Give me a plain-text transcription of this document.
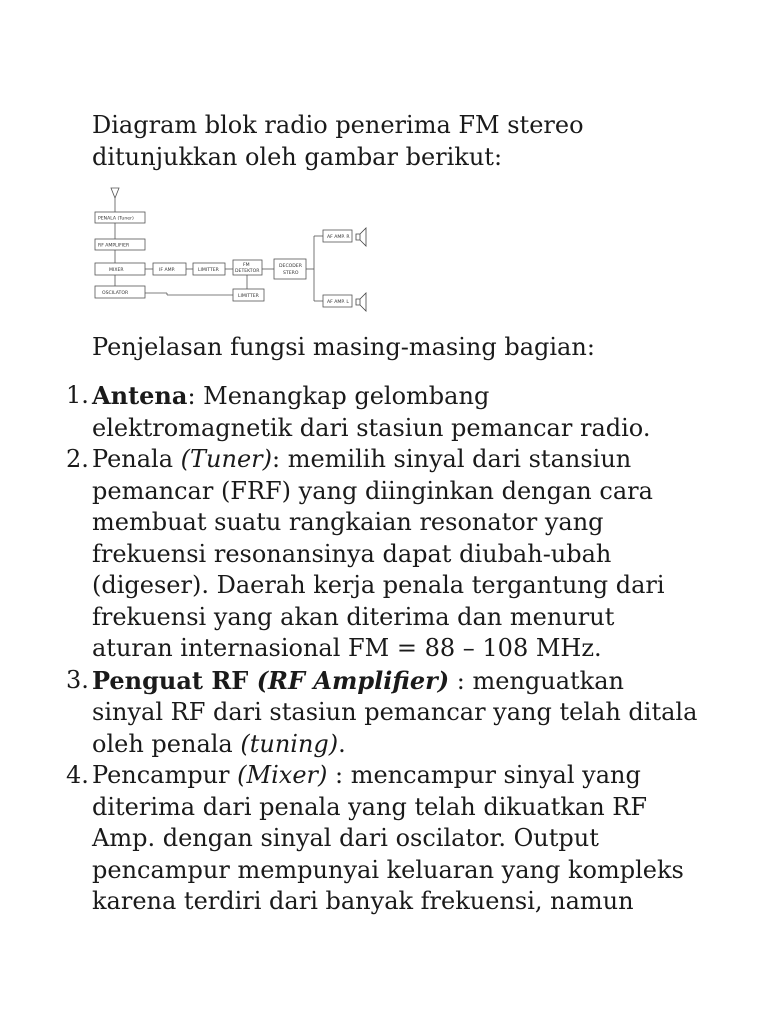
Diagram blok radio penerima FM stereo
ditunjukkan oleh gambar berikut:

PENALA (Tuner)
RF AMPLIFIER
MIXER
OSCILATOR
IF AMP.	LIMITTER
FM
DETEKTOR
LIMITTER
DECODER
STERO
AF AMP. R
AF AMP. L

Penjelasan fungsi masing-masing bagian:

1. Antena: Menangkap gelombang
elektromagnetik dari stasiun pemancar radio.
2. Penala (Tuner): memilih sinyal dari stansiun
pemancar (FRF) yang diinginkan dengan cara
membuat suatu rangkaian resonator yang
frekuensi resonansinya dapat diubah-ubah
(digeser). Daerah kerja penala tergantung dari
frekuensi yang akan diterima dan menurut
aturan internasional FM = 88 – 108 MHz.
3. Penguat RF (RF Amplifier) : menguatkan
sinyal RF dari stasiun pemancar yang telah ditala
oleh penala (tuning).
4. Pencampur (Mixer) : mencampur sinyal yang
diterima dari penala yang telah dikuatkan RF
Amp. dengan sinyal dari oscilator. Output
pencampur mempunyai keluaran yang kompleks
karena terdiri dari banyak frekuensi, namun
